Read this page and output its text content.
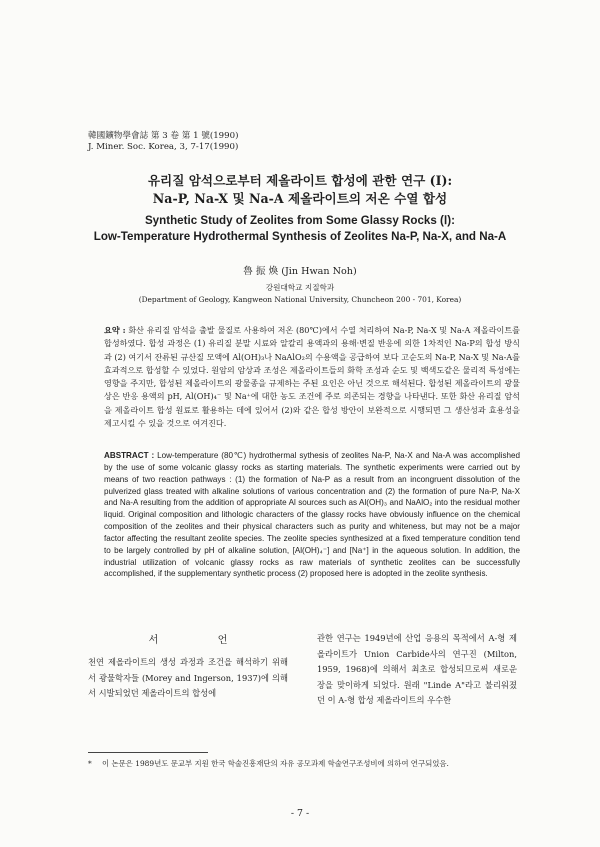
韓國鑛物學會誌 第 3 卷 第 1 號(1990)
J. Miner. Soc. Korea, 3, 7-17(1990)
유리질 암석으로부터 제올라이트 합성에 관한 연구 (Ⅰ):
Na-P, Na-X 및 Na-A 제올라이트의 저온 수열 합성
Synthetic Study of Zeolites from Some Glassy Rocks (Ⅰ):
Low-Temperature Hydrothermal Synthesis of Zeolites Na-P, Na-X, and Na-A
魯 振 煥 (Jin Hwan Noh)
강원대학교 지질학과
(Department of Geology, Kangweon National University, Chuncheon 200 - 701, Korea)
요약 : 화산 유리질 암석을 출발 물질로 사용하여 저온 (80℃)에서 수열 처리하여 Na-P, Na-X 및 Na-A 제올라이트를 합성하였다. 합성 과정은 (1) 유리질 분말 시료와 알칼리 용액과의 용해·변질 반응에 의한 1차적인 Na-P의 합성 방식과 (2) 여기서 잔류된 규산질 모액에 Al(OH)₃나 NaAlO₂의 수용액을 공급하여 보다 고순도의 Na-P, Na-X 및 Na-A를 효과적으로 합성할 수 있었다. 원암의 암상과 조성은 제올라이트들의 화학 조성과 순도 및 백색도같은 물리적 특성에는 영향을 주지만, 합성된 제올라이트의 광물종을 규제하는 주된 요인은 아닌 것으로 해석된다. 합성된 제올라이트의 광물상은 반응 용액의 pH, Al(OH)₄⁻ 및 Na⁺에 대한 농도 조건에 주로 의존되는 경향을 나타낸다. 또한 화산 유리질 암석을 제올라이트 합성 원료로 활용하는 데에 있어서 (2)와 같은 합성 방안이 보완적으로 시행되면 그 생산성과 효용성을 제고시킬 수 있을 것으로 여겨진다.
ABSTRACT : Low-temperature (80℃) hydrothermal sythesis of zeolites Na-P, Na-X and Na-A was accomplished by the use of some volcanic glassy rocks as starting materials. The synthetic experiments were carried out by means of two reaction pathways : (1) the formation of Na-P as a result from an incongruent dissolution of the pulverized glass treated with alkaline solutions of various concentration and (2) the formation of pure Na-P, Na-X and Na-A resulting from the addition of appropriate Al sources such as Al(OH)₃ and NaAlO₂ into the residual mother liquid. Original composition and lithologic characters of the glassy rocks have obviously influence on the chemical composition of the zeolites and their physical characters such as purity and whiteness, but may not be a major factor affecting the resultant zeolite species. The zeolite species synthesized at a fixed temperature condition tend to be largely controlled by pH of alkaline solution, [Al(OH)₄⁻] and [Na⁺] in the aqueous solution. In addition, the industrial utilization of volcanic glassy rocks as raw materials of synthetic zeolites can be successfully accomplished, if the supplementary synthetic process (2) proposed here is adopted in the zeolite synthesis.
서 언
천연 제올라이트의 생성 과정과 조건을 해석하기 위해서 광물학자들 (Morey and Ingerson, 1937)에 의해서 시발되었던 제올라이트의 합성에
관한 연구는 1949년에 산업 응용의 목적에서 A-형 제올라이트가 Union Carbide사의 연구진 (Milton, 1959, 1968)에 의해서 최초로 합성되므로써 새로운 장을 맞이하게 되었다. 원래 "Linde A"라고 불리워졌던 이 A-형 합성 제올라이트의 우수한
*	이 논문은 1989년도 문교부 지원 한국 학술진흥재단의 자유 공모과제 학술연구조성비에 의하여 연구되었음.
- 7 -
